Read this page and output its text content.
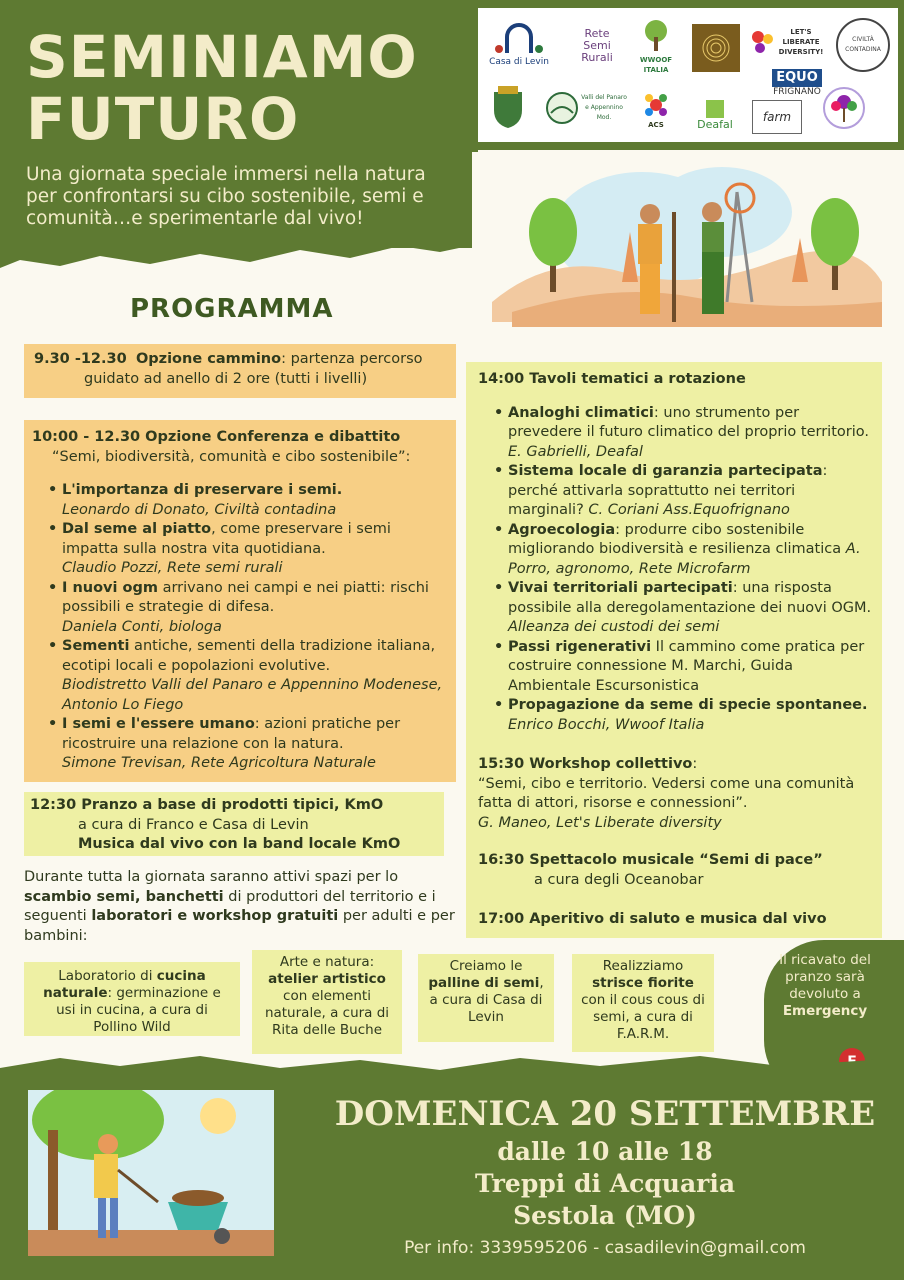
SEMINIAMO
FUTURO
Una giornata speciale immersi nella natura per confrontarsi su cibo sostenibile, semi e comunità…e sperimentarle dal vivo!
Casa di Levin
Rete
Semi
Rurali	WWOOF ITALIA
LET'S LIBERATE DIVERSITY!
CIVILTÀ CONTADINA
EQUO
FRIGNANO
Valli del Panaro e Appennino Mod.
ACS	Deafal
farm
PROGRAMMA
9.30 -12.30 Opzione cammino: partenza percorso
guidato ad anello di 2 ore (tutti i livelli)
10:00 - 12.30 Opzione Conferenza e dibattito
“Semi, biodiversità, comunità e cibo sostenibile”:
• L'importanza di preservare i semi.
Leonardo di Donato, Civiltà contadina
• Dal seme al piatto, come preservare i semi impatta sulla nostra vita quotidiana.
Claudio Pozzi, Rete semi rurali
• I nuovi ogm arrivano nei campi e nei piatti: rischi possibili e strategie di difesa.
Daniela Conti, biologa
• Sementi antiche, sementi della tradizione italiana, ecotipi locali e popolazioni evolutive.
Biodistretto Valli del Panaro e Appennino Modenese, Antonio Lo Fiego
• I semi e l'essere umano: azioni pratiche per ricostruire una relazione con la natura.
Simone Trevisan, Rete Agricoltura Naturale
12:30 Pranzo a base di prodotti tipici, KmO
a cura di Franco e Casa di Levin
Musica dal vivo con la band locale KmO
Durante tutta la giornata saranno attivi spazi per lo scambio semi, banchetti di produttori del territorio e i seguenti laboratori e workshop gratuiti per adulti e per bambini:
14:00 Tavoli tematici a rotazione
• Analoghi climatici: uno strumento per prevedere il futuro climatico del proprio territorio. E. Gabrielli, Deafal
• Sistema locale di garanzia partecipata: perché attivarla soprattutto nei territori marginali? C. Coriani Ass.Equofrignano
• Agroecologia: produrre cibo sostenibile migliorando biodiversità e resilienza climatica A. Porro, agronomo, Rete Microfarm
• Vivai territoriali partecipati: una risposta possibile alla deregolamentazione dei nuovi OGM. Alleanza dei custodi dei semi
• Passi rigenerativi Il cammino come pratica per costruire connessione M. Marchi, Guida Ambientale Escursonistica
• Propagazione da seme di specie spontanee. Enrico Bocchi, Wwoof Italia
15:30 Workshop collettivo:
“Semi, cibo e territorio. Vedersi come una comunità fatta di attori, risorse e connessioni”.
G. Maneo, Let's Liberate diversity
16:30 Spettacolo musicale “Semi di pace”
a cura degli Oceanobar
17:00 Aperitivo di saluto e musica dal vivo
Laboratorio di cucina naturale: germinazione e usi in cucina, a cura di Pollino Wild
Arte e natura: atelier artistico con elementi naturale, a cura di Rita delle Buche
Creiamo le palline di semi, a cura di Casa di Levin
Realizziamo strisce fiorite con il cous cous di semi, a cura di F.A.R.M.
Il ricavato del pranzo sarà devoluto a Emergency
DOMENICA 20 SETTEMBRE
dalle 10 alle 18
Treppi di Acquaria
Sestola (MO)
Per info: 3339595206 - casadilevin@gmail.com
